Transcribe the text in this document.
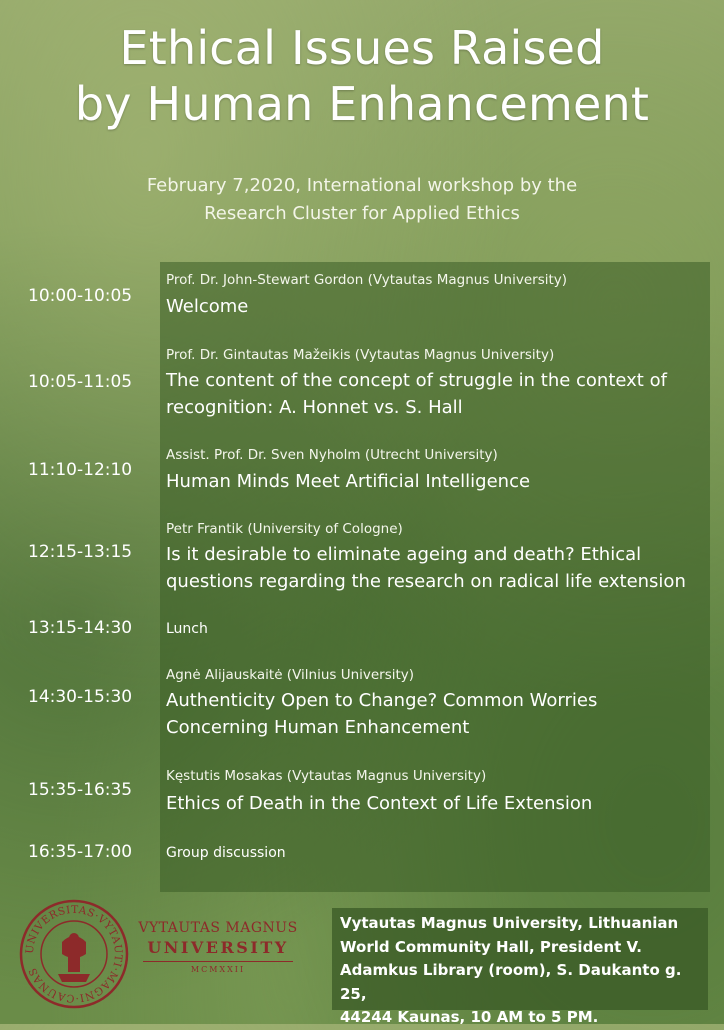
Ethical Issues Raised
by Human Enhancement
February 7,2020, International workshop by the
Research Cluster for Applied Ethics
10:00-10:05
Prof. Dr. John-Stewart Gordon (Vytautas Magnus University)
Welcome
10:05-11:05
Prof. Dr. Gintautas Mažeikis (Vytautas Magnus University)
The content of the concept of struggle in the context of
recognition: A. Honnet vs. S. Hall
11:10-12:10
Assist. Prof. Dr. Sven Nyholm (Utrecht University)
Human Minds Meet Artificial Intelligence
12:15-13:15
Petr Frantik (University of Cologne)
Is it desirable to eliminate ageing and death? Ethical
questions regarding the research on radical life extension
13:15-14:30	Lunch
14:30-15:30
Agnė Alijauskaitė (Vilnius University)
Authenticity Open to Change? Common Worries
Concerning Human Enhancement
15:35-16:35
Kęstutis Mosakas (Vytautas Magnus University)
Ethics of Death in the Context of Life Extension
16:35-17:00	Group discussion
UNIVERSITAS·VYTAUTI·MAGNI·CAUNAS
VYTAUTAS MAGNUS
UNIVERSITY
MCMXXII
Vytautas Magnus University, Lithuanian
World Community Hall, President V.
Adamkus Library (room), S. Daukanto g. 25,
44244 Kaunas, 10 AM to 5 PM.
